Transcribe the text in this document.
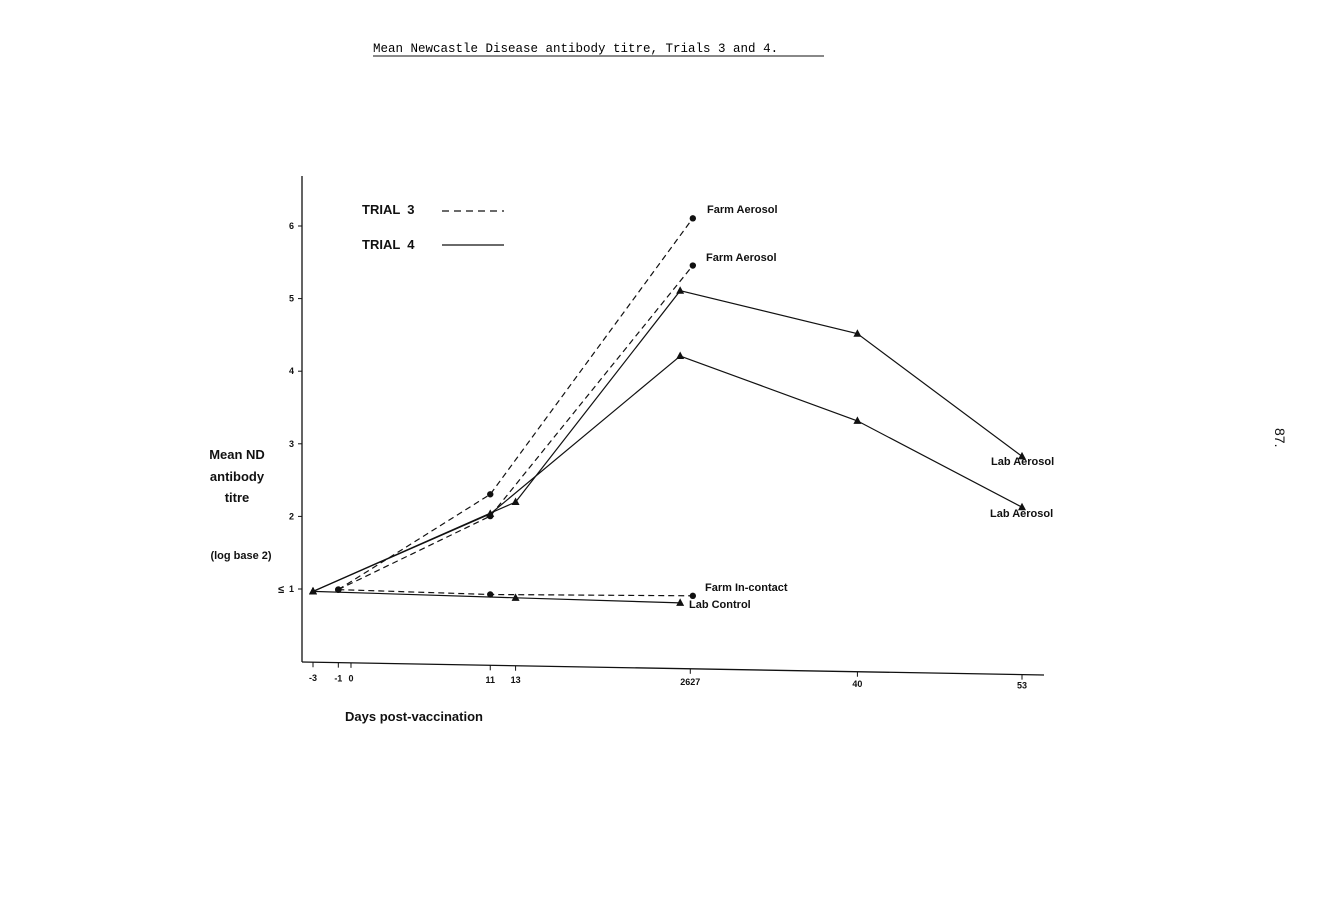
Mean Newcastle Disease antibody titre, Trials 3 and 4.
1
2
3
4
5
6
≤
-3 -1 0	11 13	2627	40	53
Mean ND
antibody
titre
(log base 2)
Days post-vaccination
TRIAL  3
TRIAL  4
Farm Aerosol
Farm Aerosol
Farm In-contact
Lab Aerosol
Lab Aerosol
Lab Control
87.
